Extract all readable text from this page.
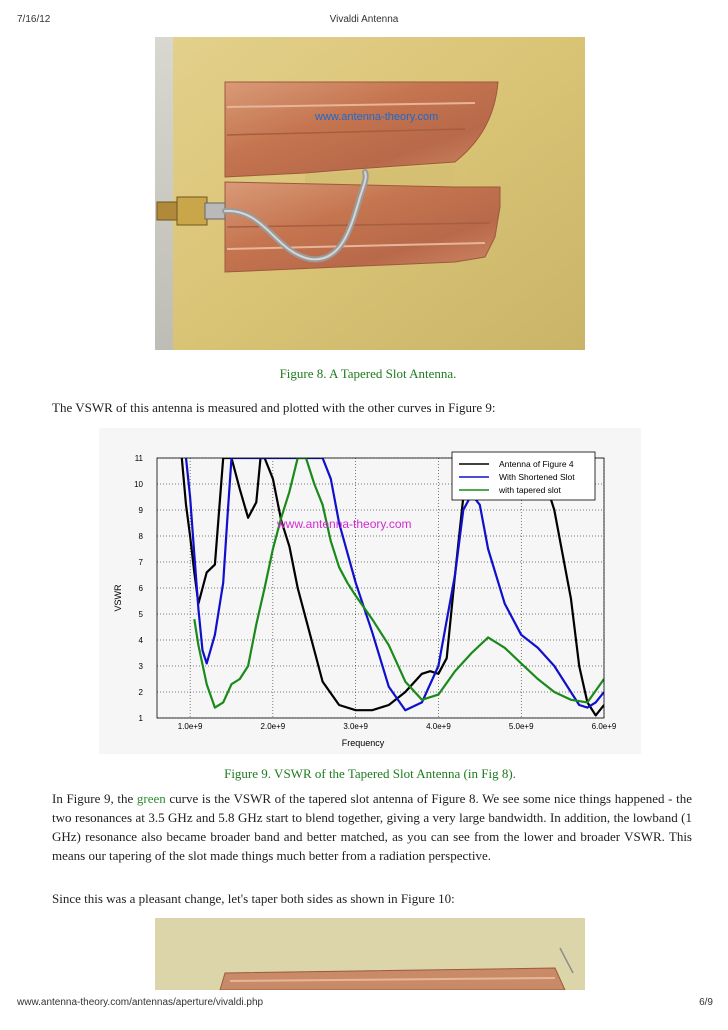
7/16/12	Vivaldi Antenna
www.antenna-theory.com
Figure 8. A Tapered Slot Antenna.
The VSWR of this antenna is measured and plotted with the other curves in Figure 9:
1
2
3
4
5
6
7
8
9
10
11
1.0e+9	2.0e+9	3.0e+9	4.0e+9	5.0e+9	6.0e+9
Antenna of Figure 4
With Shortened Slot
with tapered slot
www.antenna-theory.com
Frequency
VSWR
Figure 9. VSWR of the Tapered Slot Antenna (in Fig 8).
In Figure 9, the green curve is the VSWR of the tapered slot antenna of Figure 8. We see some nice things happened - the two resonances at 3.5 GHz and 5.8 GHz start to blend together, giving a very large bandwidth. In addition, the lowband (1 GHz) resonance also became broader band and better matched, as you can see from the lower and broader VSWR. This means our tapering of the slot made things much better from a radiation perspective.
Since this was a pleasant change, let's taper both sides as shown in Figure 10:
www.antenna-theory.com/antennas/aperture/vivaldi.php	6/9
